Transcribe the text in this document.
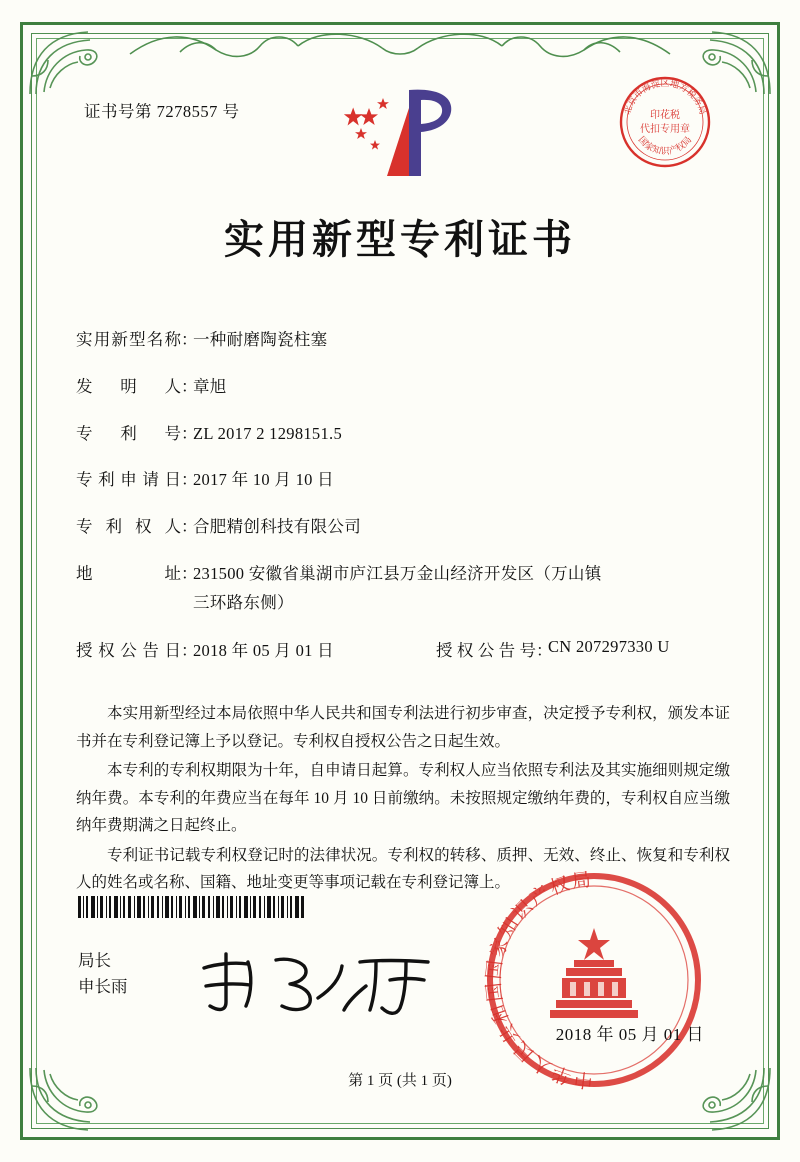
证书号第 7278557 号	北京市海淀区地方税务局
国家知识产权局
印花税
代扣专用章
实用新型专利证书
实用新型名称 ：
一种耐磨陶瓷柱塞
发明人 ：
章旭
专利号 ：
ZL 2017 2 1298151.5
专利申请日 ：
2017 年 10 月 10 日
专利权人 ：
合肥精创科技有限公司
地址 ：
231500 安徽省巢湖市庐江县万金山经济开发区（万山镇
三环路东侧）
授权公告日 ：
2018 年 05 月 01 日	授权公告号 ：
CN 207297330 U

本实用新型经过本局依照中华人民共和国专利法进行初步审查，决定授予专利权，颁发本证书并在专利登记簿上予以登记。专利权自授权公告之日起生效。

本专利的专利权期限为十年，自申请日起算。专利权人应当依照专利法及其实施细则规定缴纳年费。本专利的年费应当在每年 10 月 10 日前缴纳。未按照规定缴纳年费的，专利权自应当缴纳年费期满之日起终止。

专利证书记载专利权登记时的法律状况。专利权的转移、质押、无效、终止、恢复和专利权人的姓名或名称、国籍、地址变更等事项记载在专利登记簿上。

局长
申长雨
中华人民共和国国家知识产权局
2018 年 05 月 01 日
第 1 页 (共 1 页)
